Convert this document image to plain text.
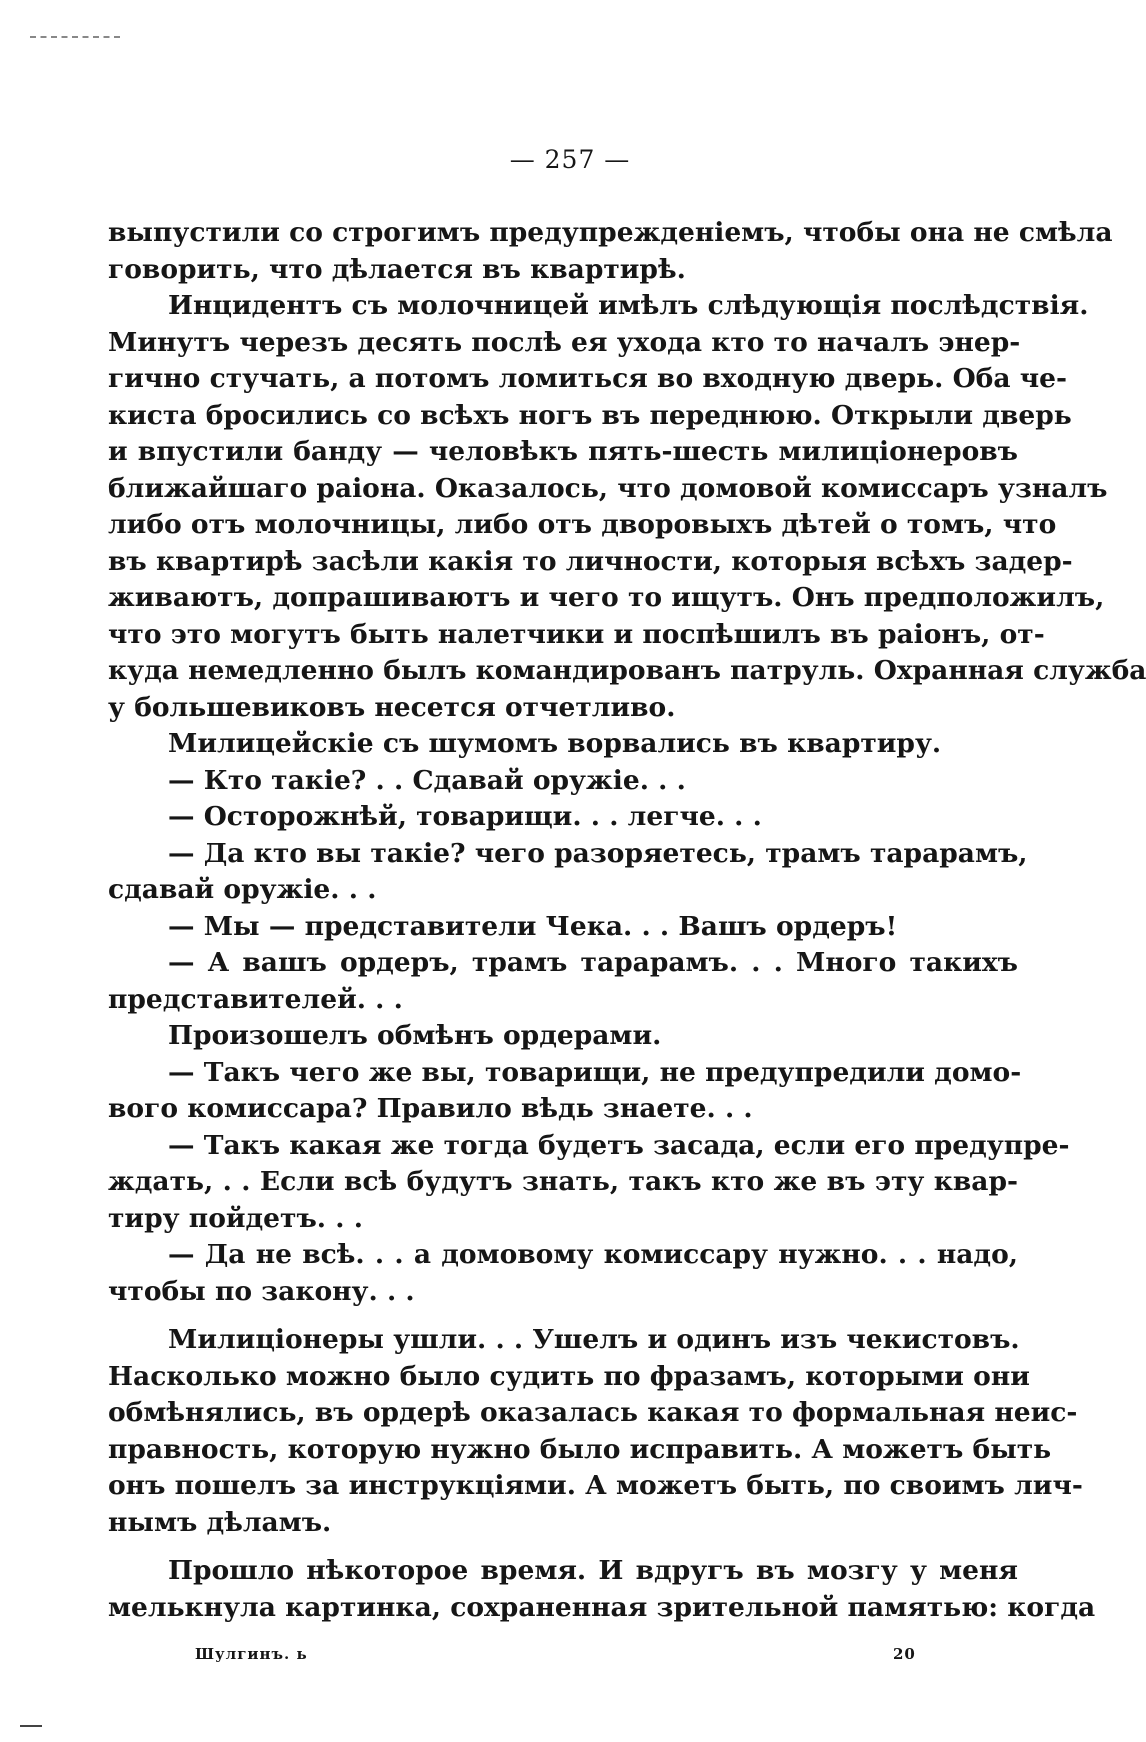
— 257 —
выпустили со строгимъ предупрежденіемъ, чтобы она не смѣла
говорить, что дѣлается въ квартирѣ.
Инцидентъ съ молочницей имѣлъ слѣдующія послѣдствія.
Минутъ черезъ десять послѣ ея ухода кто то началъ энер-
гично стучать, а потомъ ломиться во входную дверь. Оба че-
киста бросились со всѣхъ ногъ въ переднюю. Открыли дверь
и впустили банду — человѣкъ пять-шесть милиціонеровъ
ближайшаго раіона. Оказалось, что домовой комиссаръ узналъ
либо отъ молочницы, либо отъ дворовыхъ дѣтей о томъ, что
въ квартирѣ засѣли какія то личности, которыя всѣхъ задер-
живаютъ, допрашиваютъ и чего то ищутъ. Онъ предположилъ,
что это могутъ быть налетчики и поспѣшилъ въ раіонъ, от-
куда немедленно былъ командированъ патруль. Охранная служба
у большевиковъ несется отчетливо.
Милицейскіе съ шумомъ ворвались въ квартиру.
— Кто такіе? . . Сдавай оружіе. . .
— Осторожнѣй, товарищи. . . легче. . .
— Да кто вы такіе? чего разоряетесь, трамъ тарарамъ,
сдавай оружіе. . .
— Мы — представители Чека. . . Вашъ ордеръ!
— А вашъ ордеръ, трамъ тарарамъ. . . Много такихъ
представителей. . .
Произошелъ обмѣнъ ордерами.
— Такъ чего же вы, товарищи, не предупредили домо-
вого комиссара? Правило вѣдь знаете. . .
— Такъ какая же тогда будетъ засада, если его предупре-
ждать, . . Если всѣ будутъ знать, такъ кто же въ эту квар-
тиру пойдетъ. . .
— Да не всѣ. . . а домовому комиссару нужно. . . надо,
чтобы по закону. . .
Милиціонеры ушли. . . Ушелъ и одинъ изъ чекистовъ.
Насколько можно было судить по фразамъ, которыми они
обмѣнялись, въ ордерѣ оказалась какая то формальная неис-
правность, которую нужно было исправить. А можетъ быть
онъ пошелъ за инструкціями. А можетъ быть, по своимъ лич-
нымъ дѣламъ.
Прошло нѣкоторое время. И вдругъ въ мозгу у меня
мелькнула картинка, сохраненная зрительной памятью: когда
Шулгинъ. ь	20
